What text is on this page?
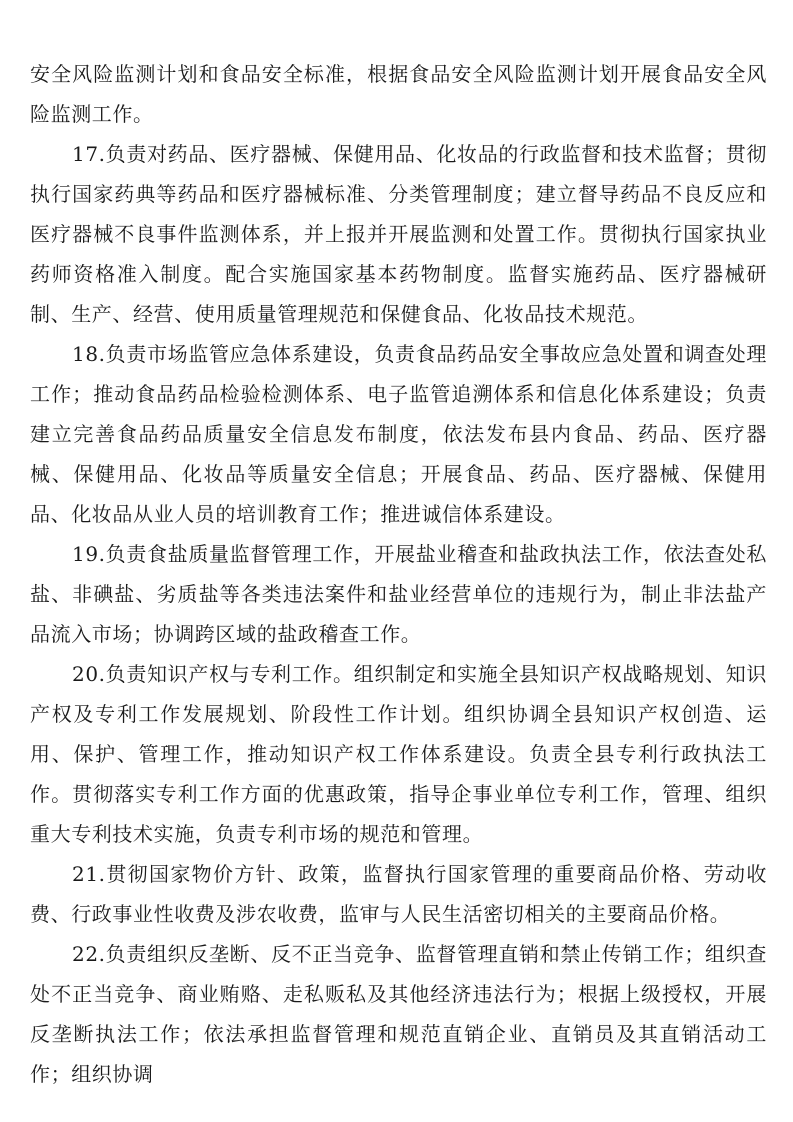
安全风险监测计划和食品安全标准，根据食品安全风险监测计划开展食品安全风险监测工作。

17.负责对药品、医疗器械、保健用品、化妆品的行政监督和技术监督；贯彻执行国家药典等药品和医疗器械标准、分类管理制度；建立督导药品不良反应和医疗器械不良事件监测体系，并上报并开展监测和处置工作。贯彻执行国家执业药师资格准入制度。配合实施国家基本药物制度。监督实施药品、医疗器械研制、生产、经营、使用质量管理规范和保健食品、化妆品技术规范。

18.负责市场监管应急体系建设，负责食品药品安全事故应急处置和调查处理工作；推动食品药品检验检测体系、电子监管追溯体系和信息化体系建设；负责建立完善食品药品质量安全信息发布制度，依法发布县内食品、药品、医疗器械、保健用品、化妆品等质量安全信息；开展食品、药品、医疗器械、保健用品、化妆品从业人员的培训教育工作；推进诚信体系建设。

19.负责食盐质量监督管理工作，开展盐业稽查和盐政执法工作，依法查处私盐、非碘盐、劣质盐等各类违法案件和盐业经营单位的违规行为，制止非法盐产品流入市场；协调跨区域的盐政稽查工作。

20.负责知识产权与专利工作。组织制定和实施全县知识产权战略规划、知识产权及专利工作发展规划、阶段性工作计划。组织协调全县知识产权创造、运用、保护、管理工作，推动知识产权工作体系建设。负责全县专利行政执法工作。贯彻落实专利工作方面的优惠政策，指导企事业单位专利工作，管理、组织重大专利技术实施，负责专利市场的规范和管理。

21.贯彻国家物价方针、政策，监督执行国家管理的重要商品价格、劳动收费、行政事业性收费及涉农收费，监审与人民生活密切相关的主要商品价格。

22.负责组织反垄断、反不正当竞争、监督管理直销和禁止传销工作；组织查处不正当竞争、商业贿赂、走私贩私及其他经济违法行为；根据上级授权，开展反垄断执法工作；依法承担监督管理和规范直销企业、直销员及其直销活动工作；组织协调
